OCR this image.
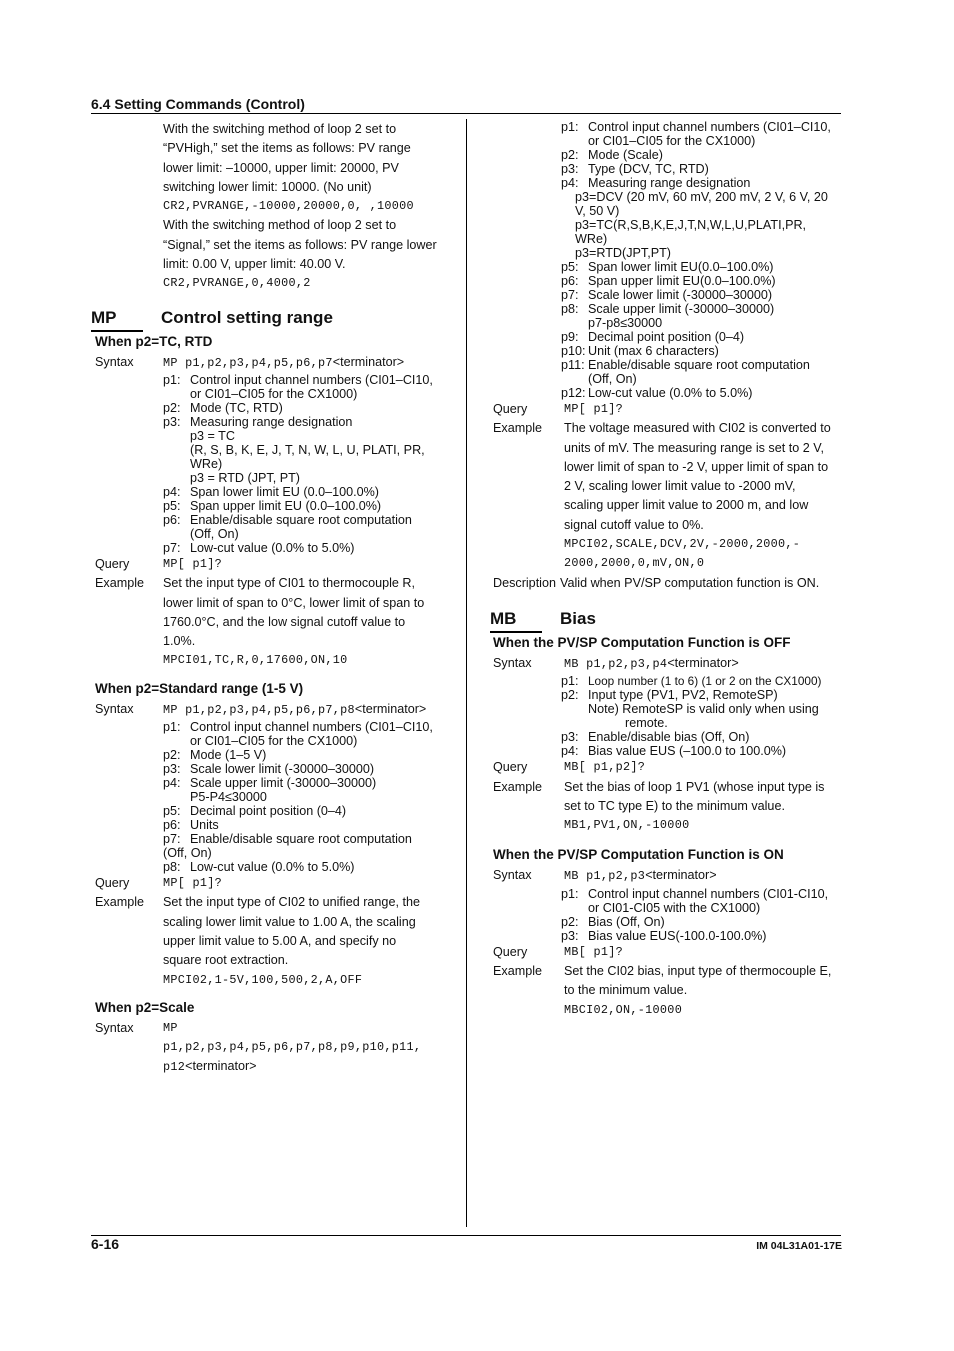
6.4 Setting Commands (Control)

With the switching method of loop 2 set to

“PVHigh,” set the items as follows: PV range

lower limit: –10000, upper limit: 20000, PV

switching lower limit: 10000. (No unit)

CR2,PVRANGE,-10000,20000,0, ,10000

With the switching method of loop 2 set to

“Signal,” set the items as follows: PV range lower

limit: 0.00 V, upper limit: 40.00 V.

CR2,PVRANGE,0,4000,2

MP	Control setting range
When p2=TC, RTD
Syntax	MP p1,p2,p3,p4,p5,p6,p7<terminator>
p1: Control input channel numbers (CI01–CI10,
or CI01–CI05 for the CX1000)
p2: Mode (TC, RTD)
p3: Measuring range designation
p3 = TC
(R, S, B, K, E, J, T, N, W, L, U, PLATI, PR,
WRe)
p3 = RTD (JPT, PT)
p4: Span lower limit EU (0.0–100.0%)
p5: Span upper limit EU (0.0–100.0%)
p6: Enable/disable square root computation
(Off, On)
p7: Low-cut value (0.0% to 5.0%)
Query	MP[ p1]?
Example	Set the input type of CI01 to thermocouple R,
lower limit of span to 0°C, lower limit of span to
1760.0°C, and the low signal cutoff value to
1.0%.
MPCI01,TC,R,0,17600,ON,10
When p2=Standard range (1-5 V)
Syntax	MP p1,p2,p3,p4,p5,p6,p7,p8<terminator>
p1: Control input channel numbers (CI01–CI10,
or CI01–CI05 for the CX1000)
p2: Mode (1–5 V)
p3: Scale lower limit (-30000–30000)
p4: Scale upper limit (-30000–30000)
P5-P4≤30000
p5: Decimal point position (0–4)
p6: Units
p7: Enable/disable square root computation
(Off, On)
p8: Low-cut value (0.0% to 5.0%)
Query	MP[ p1]?
Example	Set the input type of CI02 to unified range, the
scaling lower limit value to 1.00 A, the scaling
upper limit value to 5.00 A, and specify no
square root extraction.
MPCI02,1-5V,100,500,2,A,OFF
When p2=Scale
Syntax	MP
p1,p2,p3,p4,p5,p6,p7,p8,p9,p10,p11,
p12<terminator>
p1: Control input channel numbers (CI01–CI10,
or CI01–CI05 for the CX1000)
p2: Mode (Scale)
p3: Type (DCV, TC, RTD)
p4: Measuring range designation
p3=DCV (20 mV, 60 mV, 200 mV, 2 V, 6 V, 20
V, 50 V)
p3=TC(R,S,B,K,E,J,T,N,W,L,U,PLATI,PR,
WRe)
p3=RTD(JPT,PT)
p5: Span lower limit EU(0.0–100.0%)
p6: Span upper limit EU(0.0–100.0%)
p7: Scale lower limit (-30000–30000)
p8: Scale upper limit (-30000–30000)
p7-p8≤30000
p9: Decimal point position (0–4)
p10: Unit (max 6 characters)
p11: Enable/disable square root computation
(Off, On)
p12: Low-cut value (0.0% to 5.0%)
Query	MP[ p1]?
Example	The voltage measured with CI02 is converted to
units of mV. The measuring range is set to 2 V,
lower limit of span to -2 V, upper limit of span to
2 V, scaling lower limit value to -2000 mV,
scaling upper limit value to 2000 m, and low
signal cutoff value to 0%.
MPCI02,SCALE,DCV,2V,-2000,2000,-
2000,2000,0,mV,ON,0
Description Valid when PV/SP computation function is ON.
MB	Bias
When the PV/SP Computation Function is OFF
Syntax	MB p1,p2,p3,p4<terminator>
p1: Loop number (1 to 6) (1 or 2 on the CX1000)
p2: Input type (PV1, PV2, RemoteSP)
Note) RemoteSP is valid only when using
remote.
p3: Enable/disable bias (Off, On)
p4: Bias value EUS (–100.0 to 100.0%)
Query	MB[ p1,p2]?
Example	Set the bias of loop 1 PV1 (whose input type is
set to TC type E) to the minimum value.
MB1,PV1,ON,-10000
When the PV/SP Computation Function is ON
Syntax	MB p1,p2,p3<terminator>
p1: Control input channel numbers (CI01-CI10,
or CI01-CI05 with the CX1000)
p2: Bias (Off, On)
p3: Bias value EUS(-100.0-100.0%)
Query	MB[ p1]?
Example	Set the CI02 bias, input type of thermocouple E,
to the minimum value.
MBCI02,ON,-10000
6-16	IM 04L31A01-17E
